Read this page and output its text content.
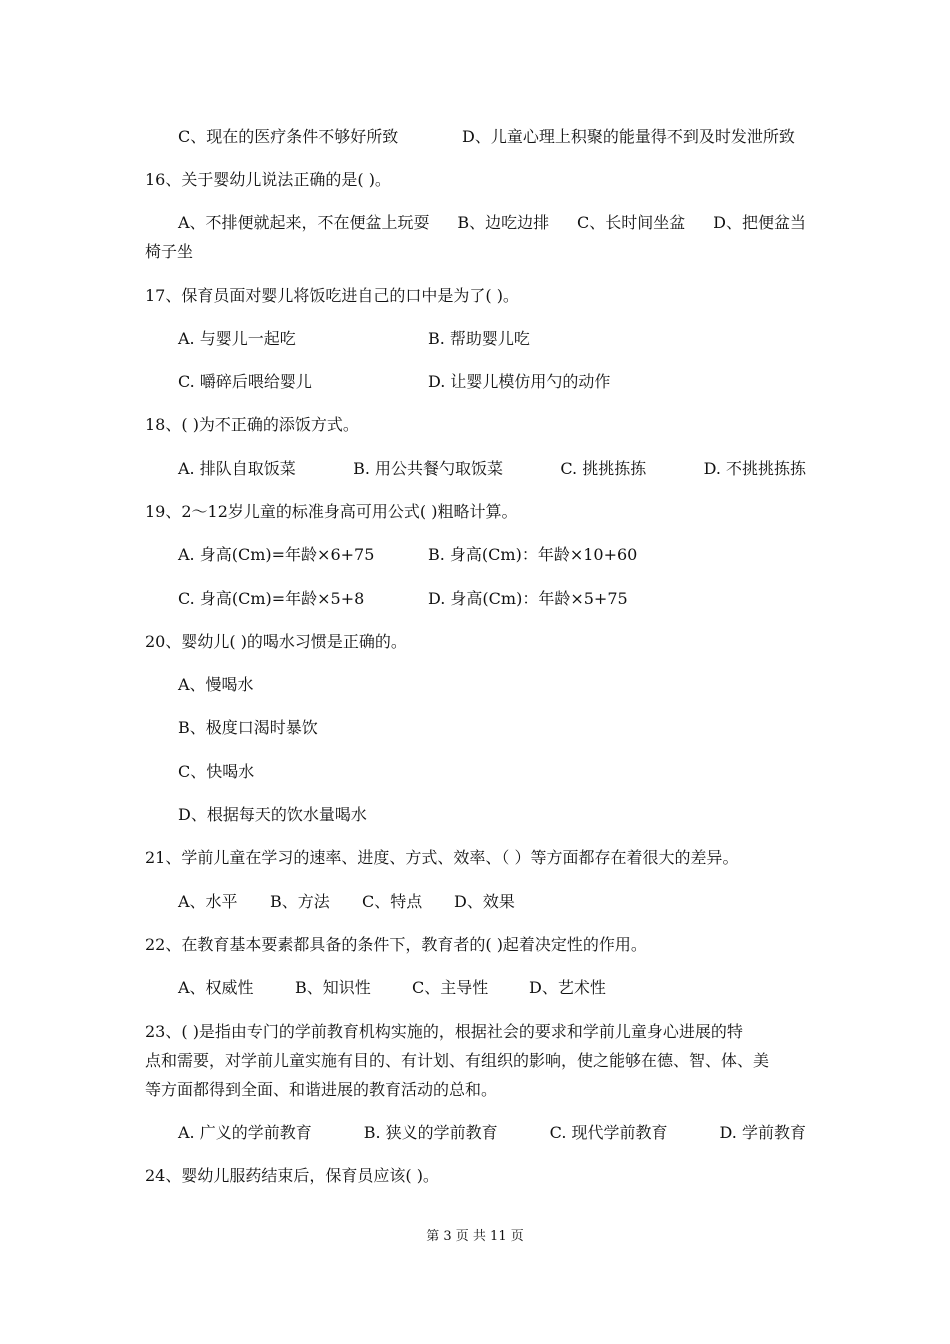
C、现在的医疗条件不够好所致	D、儿童心理上积聚的能量得不到及时发泄所致
16、关于婴幼儿说法正确的是( )。
A、不排便就起来，不在便盆上玩耍 B、边吃边排 C、长时间坐盆 D、把便盆当
椅子坐
17、保育员面对婴儿将饭吃进自己的口中是为了( )。
A. 与婴儿一起吃	B. 帮助婴儿吃
C. 嚼碎后喂给婴儿	D. 让婴儿模仿用勺的动作
18、( )为不正确的添饭方式。
A. 排队自取饭菜	B. 用公共餐勺取饭菜	C. 挑挑拣拣	D. 不挑挑拣拣
19、2～12岁儿童的标准身高可用公式( )粗略计算。
A. 身高(Cm)=年龄×6+75	B. 身高(Cm)：年龄×10+60
C. 身高(Cm)=年龄×5+8	D. 身高(Cm)：年龄×5+75
20、婴幼儿( )的喝水习惯是正确的。
A、慢喝水
B、极度口渴时暴饮
C、快喝水
D、根据每天的饮水量喝水
21、学前儿童在学习的速率、进度、方式、效率、（ ）等方面都存在着很大的差异。
A、水平 B、方法 C、特点 D、效果
22、在教育基本要素都具备的条件下，教育者的( )起着决定性的作用。
A、权威性	B、知识性	C、主导性	D、艺术性
23、( )是指由专门的学前教育机构实施的，根据社会的要求和学前儿童身心进展的特
点和需要，对学前儿童实施有目的、有计划、有组织的影响，使之能够在德、智、体、美
等方面都得到全面、和谐进展的教育活动的总和。
A. 广义的学前教育	B. 狭义的学前教育	C. 现代学前教育	D. 学前教育
24、婴幼儿服药结束后，保育员应该( )。
第 3 页 共 11 页
